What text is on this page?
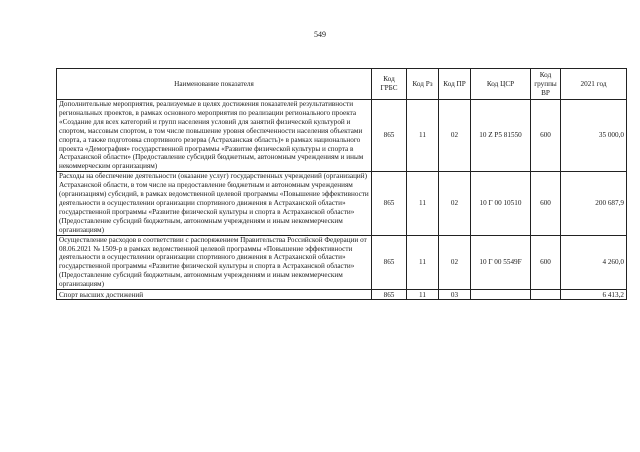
549
Наименование показателя	Код ГРБС	Код Рз	Код ПР	Код ЦСР	Код группы ВР	2021 год
Дополнительные мероприятия, реализуемые в целях достижения показателей результативности региональных проектов, в рамках основного мероприятия по реализации регионального проекта «Создание для всех категорий и групп населения условий для занятий физической культурой и спортом, массовым спортом, в том числе повышение уровня обеспеченности населения объектами спорта, а также подготовка спортивного резерва (Астраханская область)» в рамках национального проекта «Демография» государственной программы «Развитие физической культуры и спорта в Астраханской области» (Предоставление субсидий бюджетным, автономным учреждениям и иным некоммерческим организациям)	865	11	02	10 Z P5 81550	600	35 000,0
Расходы на обеспечение деятельности (оказание услуг) государственных учреждений (организаций) Астраханской области, в том числе на предоставление бюджетным и автономным учреждениям (организациям) субсидий, в рамках ведомственной целевой программы «Повышение эффективности деятельности в осуществлении организации спортивного движения в Астраханской области» государственной программы «Развитие физической культуры и спорта в Астраханской области» (Предоставление субсидий бюджетным, автономным учреждениям и иным некоммерческим организациям)	865	11	02	10 Г 00 10510	600	200 687,9
Осуществление расходов в соответствии с распоряжением Правительства Российской Федерации от 08.06.2021 № 1509-р в рамках ведомственной целевой программы «Повышение эффективности деятельности в осуществлении организации спортивного движения в Астраханской области» государственной программы «Развитие физической культуры и спорта в Астраханской области» (Предоставление субсидий бюджетным, автономным учреждениям и иным некоммерческим организациям)	865	11	02	10 Г 00 5549F	600	4 260,0
Спорт высших достижений	865	11	03			6 413,2
